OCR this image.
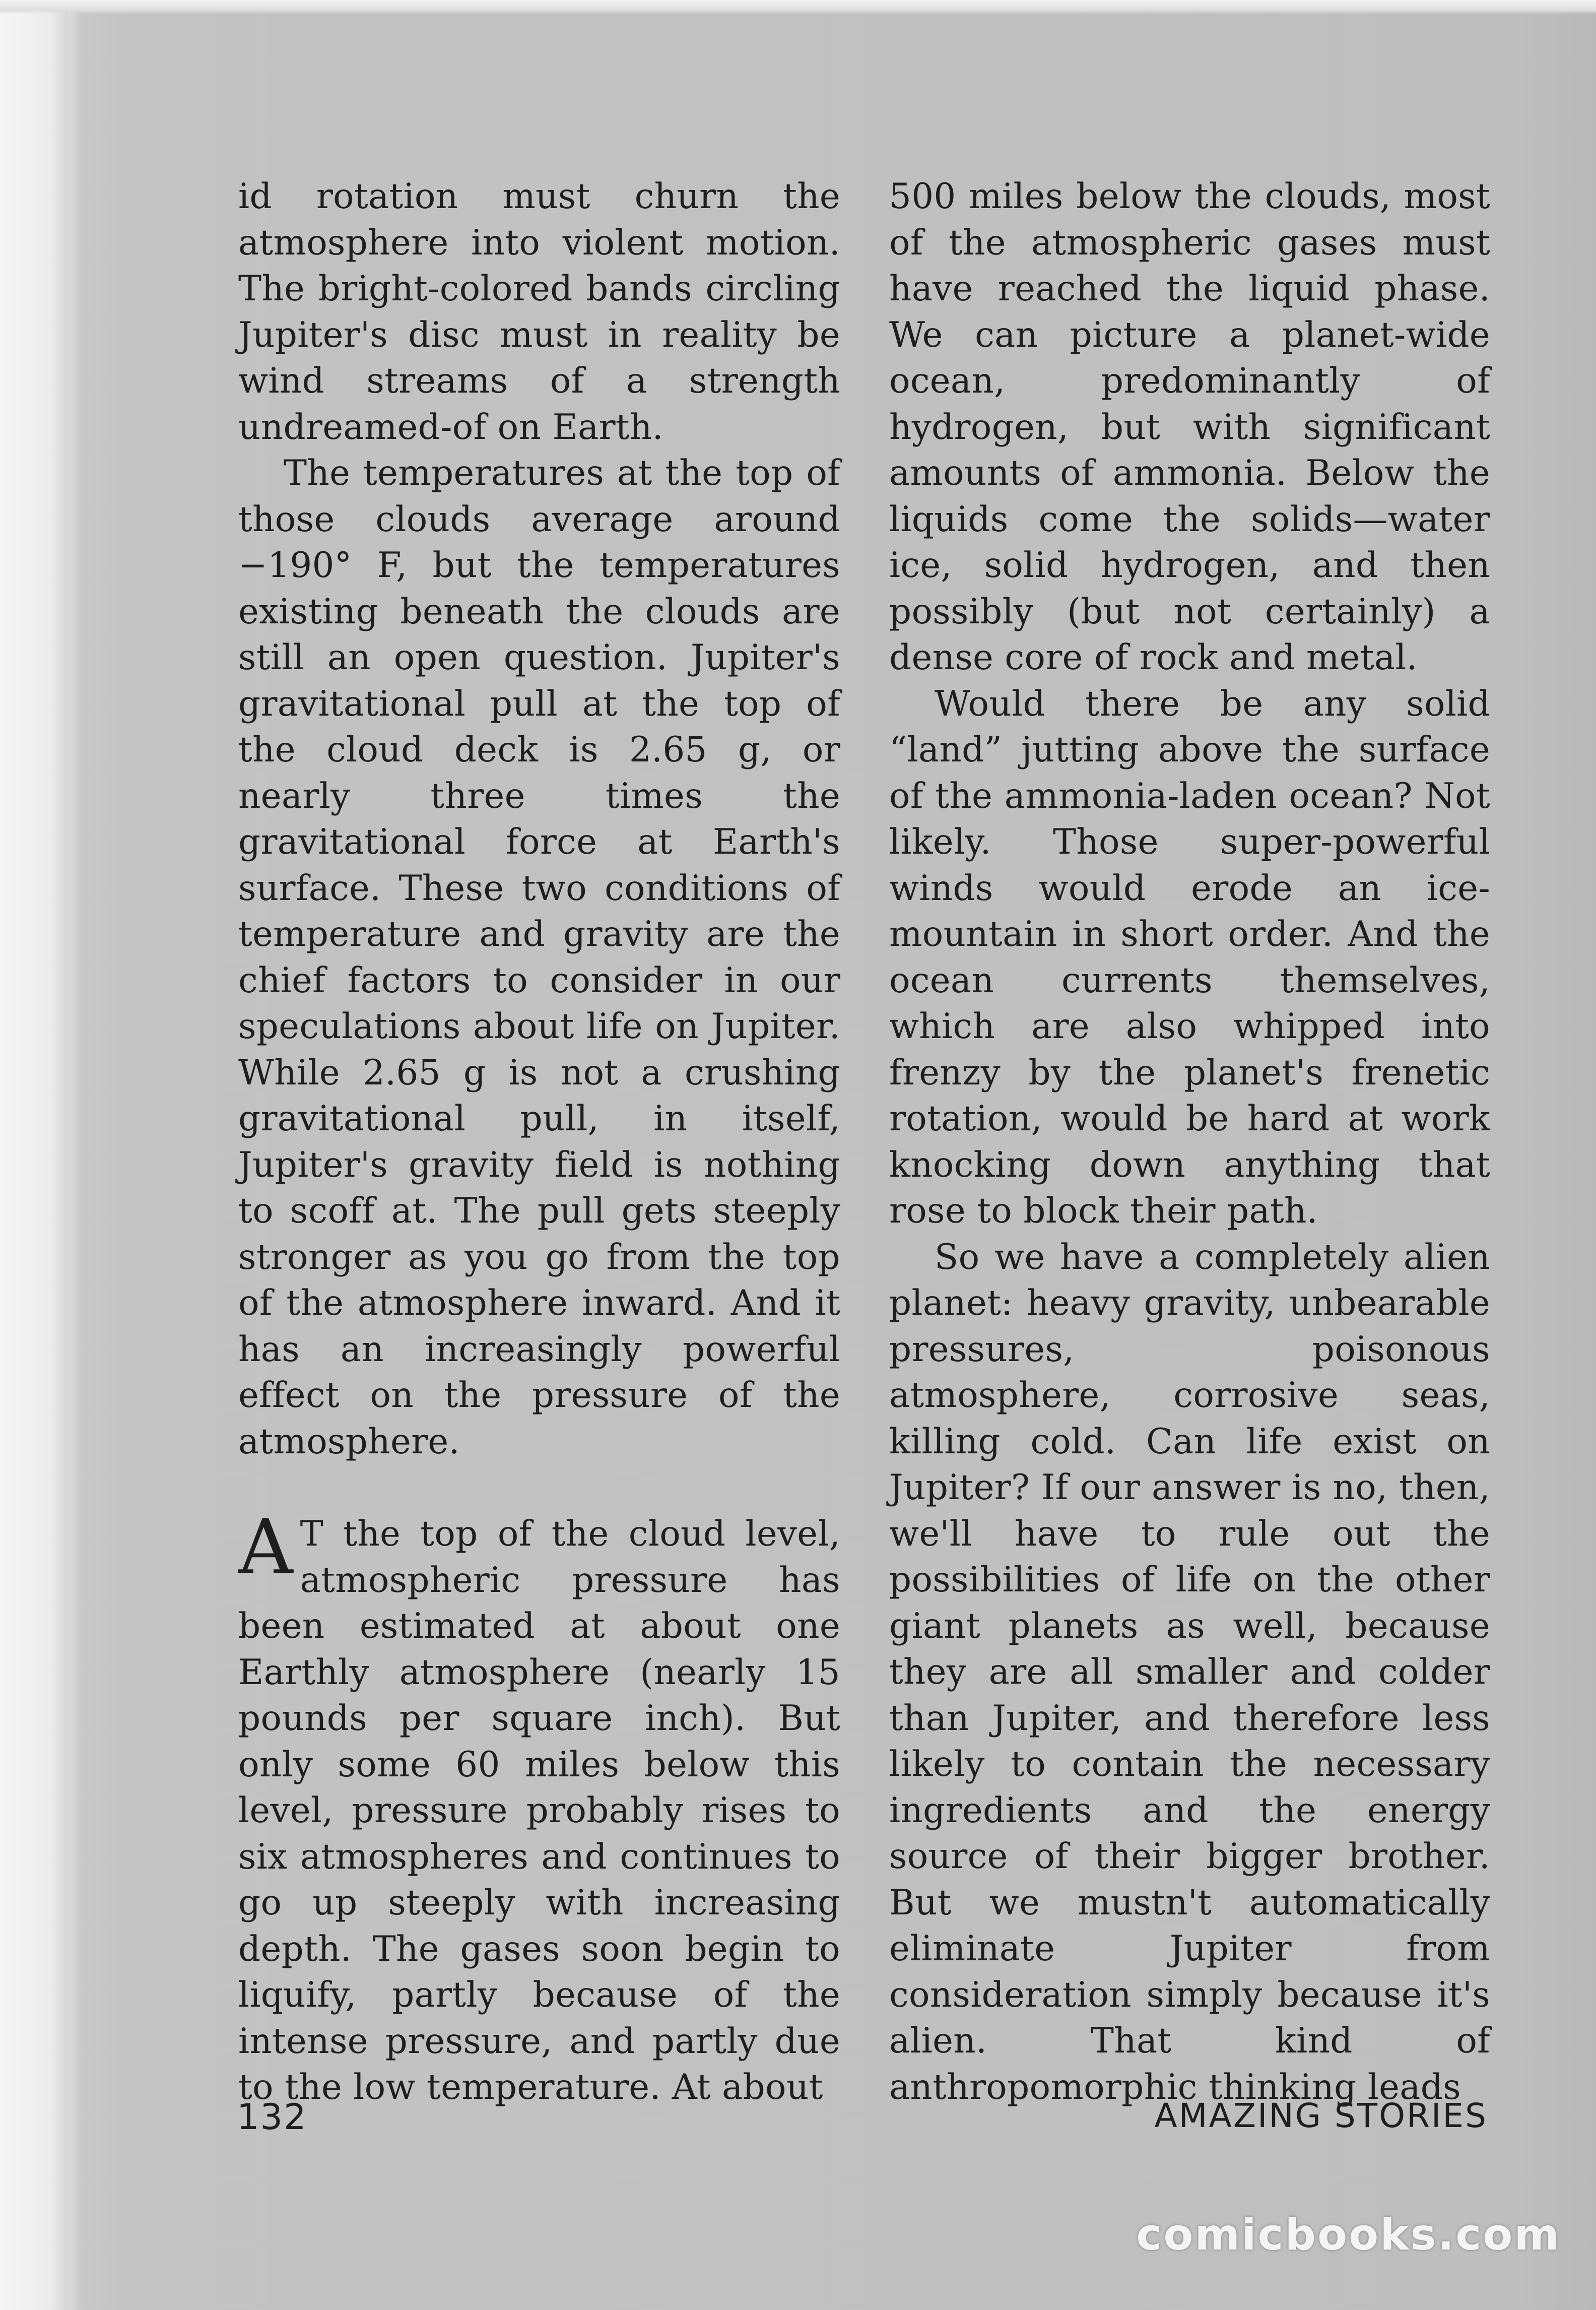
id rotation must churn the atmosphere into violent motion. The bright-colored bands circling Jupiter's disc must in reality be wind streams of a strength undreamed-of on Earth.

The temperatures at the top of those clouds average around −190° F, but the temperatures existing beneath the clouds are still an open question. Jupiter's gravitational pull at the top of the cloud deck is 2.65 g, or nearly three times the gravitational force at Earth's surface. These two conditions of temperature and gravity are the chief factors to consider in our speculations about life on Jupiter. While 2.65 g is not a crushing gravitational pull, in itself, Jupiter's gravity field is nothing to scoff at. The pull gets steeply stronger as you go from the top of the atmosphere inward. And it has an increasingly powerful effect on the pressure of the atmosphere.

A T the top of the cloud level, atmospheric pressure has been estimated at about one Earthly atmosphere (nearly 15 pounds per square inch). But only some 60 miles below this level, pressure probably rises to six atmospheres and continues to go up steeply with increasing depth. The gases soon begin to liquify, partly because of the intense pressure, and partly due to the low temperature. At about

500 miles below the clouds, most of the atmospheric gases must have reached the liquid phase. We can picture a planet-wide ocean, predominantly of hydrogen, but with significant amounts of ammonia. Below the liquids come the solids—water ice, solid hydrogen, and then possibly (but not certainly) a dense core of rock and metal.

Would there be any solid “land” jutting above the surface of the ammonia-laden ocean? Not likely. Those super-powerful winds would erode an ice-mountain in short order. And the ocean currents themselves, which are also whipped into frenzy by the planet's frenetic rotation, would be hard at work knocking down anything that rose to block their path.

So we have a completely alien planet: heavy gravity, unbearable pressures, poisonous atmosphere, corrosive seas, killing cold. Can life exist on Jupiter? If our answer is no, then, we'll have to rule out the possibilities of life on the other giant planets as well, because they are all smaller and colder than Jupiter, and therefore less likely to contain the necessary ingredients and the energy source of their bigger brother. But we mustn't automatically eliminate Jupiter from consideration simply because it's alien. That kind of anthropomorphic thinking leads

132	AMAZING STORIES
comicbooks.com
